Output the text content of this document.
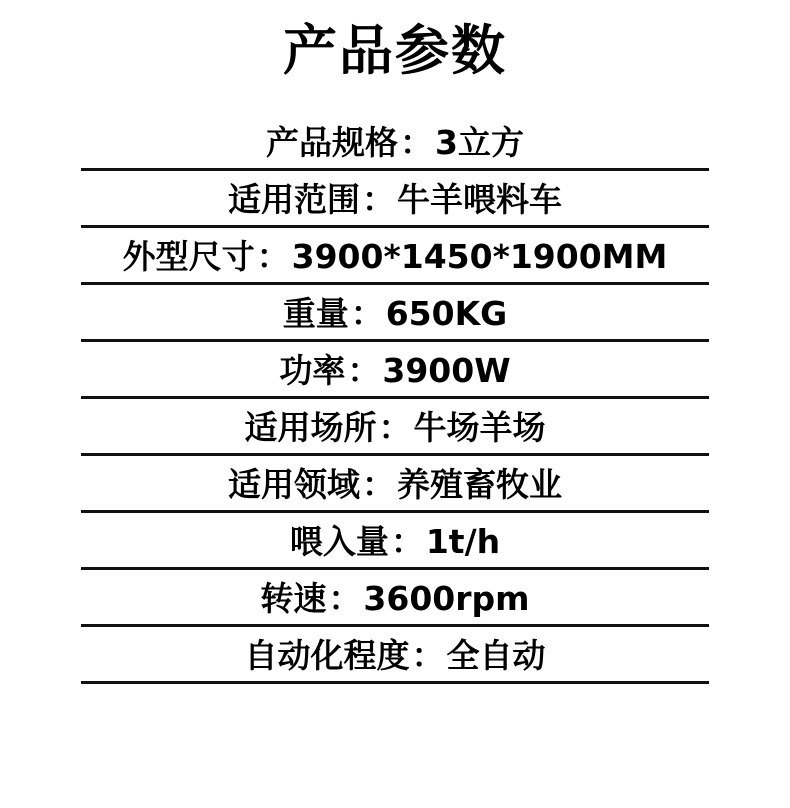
产品参数
产品规格 ： 3立方
适用范围 ： 牛羊喂料车
外型尺寸 ： 3900*1450*1900MM
重量 ： 650KG
功率 ： 3900W
适用场所 ： 牛场羊场
适用领域 ： 养殖畜牧业
喂入量 ： 1t/h
转速 ： 3600rpm
自动化程度 ： 全自动
